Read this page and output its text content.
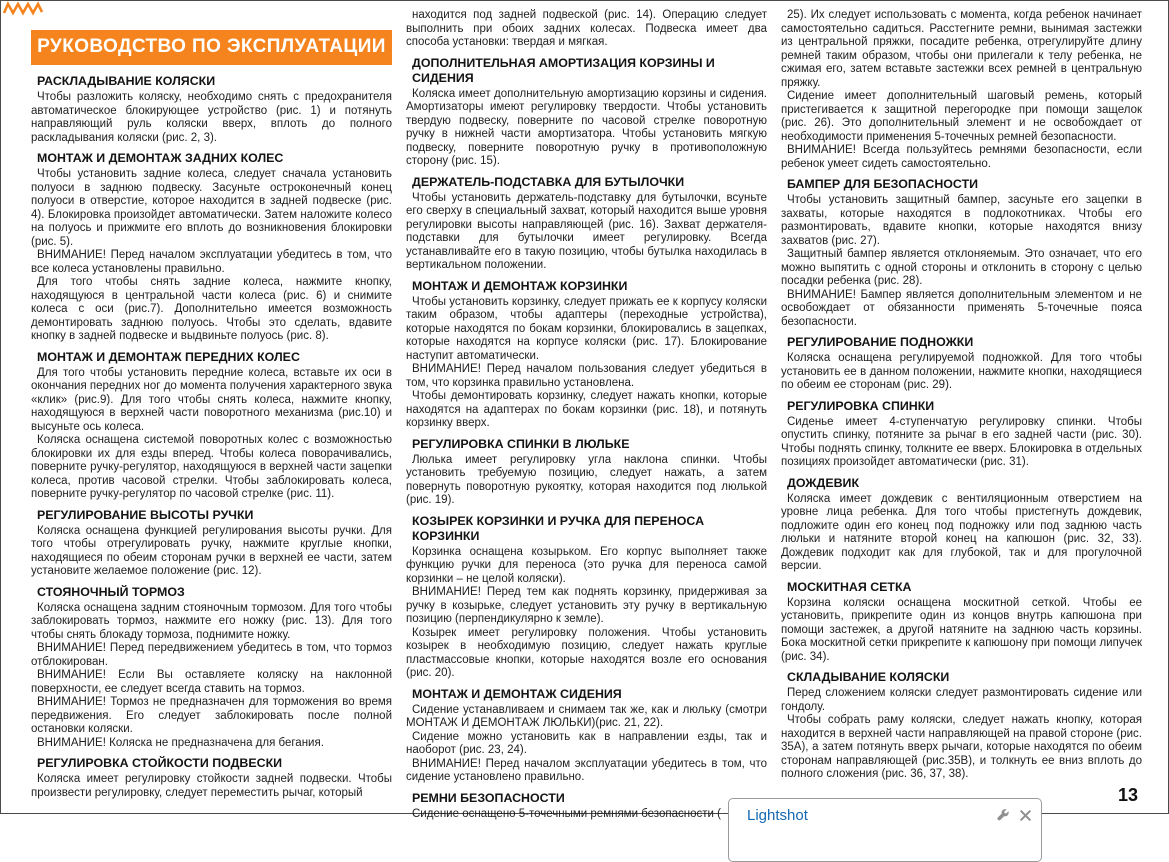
РУКОВОДСТВО ПО ЭКСПЛУАТАЦИИ
РАСКЛАДЫВАНИЕ КОЛЯСКИ

Чтобы разложить коляску, необходимо снять с предохранителя автоматическое блокирующее устройство (рис. 1) и потянуть направляющий руль коляски вверх, вплоть до полного раскладывания коляски (рис. 2, 3).

МОНТАЖ И ДЕМОНТАЖ ЗАДНИХ КОЛЕС

Чтобы установить задние колеса, следует сначала установить полуоси в заднюю подвеску. Засуньте остроконечный конец полуоси в отверстие, которое находится в задней подвеске (рис. 4). Блокировка произойдет автоматически. Затем наложите колесо на полуось и прижмите его вплоть до возникновения блокировки (рис. 5).

ВНИМАНИЕ! Перед началом эксплуатации убедитесь в том, что все колеса установлены правильно.

Для того чтобы снять задние колеса, нажмите кнопку, находящуюся в центральной части колеса (рис. 6) и снимите колеса с оси (рис.7). Дополнительно имеется возможность демонтировать заднюю полуось. Чтобы это сделать, вдавите кнопку в задней подвеске и выдвиньте полуось (рис. 8).

МОНТАЖ И ДЕМОНТАЖ ПЕРЕДНИХ КОЛЕС

Для того чтобы установить передние колеса, вставьте их оси в окончания передних ног до момента получения характерного звука «клик» (рис.9). Для того чтобы снять колеса, нажмите кнопку, находящуюся в верхней части поворотного механизма (рис.10) и высуньте ось колеса.

Коляска оснащена системой поворотных колес с возможностью блокировки их для езды вперед. Чтобы колеса поворачивались, поверните ручку-регулятор, находящуюся в верхней части зацепки колеса, против часовой стрелки. Чтобы заблокировать колеса, поверните ручку-регулятор по часовой стрелке (рис. 11).

РЕГУЛИРОВАНИЕ ВЫСОТЫ РУЧКИ

Коляска оснащена функцией регулирования высоты ручки. Для того чтобы отрегулировать ручку, нажмите круглые кнопки, находящиеся по обеим сторонам ручки в верхней ее части, затем установите желаемое положение (рис. 12).

СТОЯНОЧНЫЙ ТОРМОЗ

Коляска оснащена задним стояночным тормозом. Для того чтобы заблокировать тормоз, нажмите его ножку (рис. 13). Для того чтобы снять блокаду тормоза, поднимите ножку.

ВНИМАНИЕ! Перед передвижением убедитесь в том, что тормоз отблокирован.

ВНИМАНИЕ! Если Вы оставляете коляску на наклонной поверхности, ее следует всегда ставить на тормоз.

ВНИМАНИЕ! Тормоз не предназначен для торможения во время передвижения. Его следует заблокировать после полной остановки коляски.

ВНИМАНИЕ! Коляска не предназначена для бегания.

РЕГУЛИРОВКА СТОЙКОСТИ ПОДВЕСКИ

Коляска имеет регулировку стойкости задней подвески. Чтобы произвести регулировку, следует переместить рычаг, который

находится под задней подвеской (рис. 14). Операцию следует выполнить при обоих задних колесах. Подвеска имеет два способа установки: твердая и мягкая.

ДОПОЛНИТЕЛЬНАЯ АМОРТИЗАЦИЯ КОРЗИНЫ И СИДЕНИЯ

Коляска имеет дополнительную амортизацию корзины и сидения. Амортизаторы имеют регулировку твердости. Чтобы установить твердую подвеску, поверните по часовой стрелке поворотную ручку в нижней части амортизатора. Чтобы установить мягкую подвеску, поверните поворотную ручку в противоположную сторону (рис. 15).

ДЕРЖАТЕЛЬ-ПОДСТАВКА ДЛЯ БУТЫЛОЧКИ

Чтобы установить держатель-подставку для бутылочки, всуньте его сверху в специальный захват, который находится выше уровня регулировки высоты направляющей (рис. 16). Захват держателя-подставки для бутылочки имеет регулировку. Всегда устанавливайте его в такую позицию, чтобы бутылка находилась в вертикальном положении.

МОНТАЖ И ДЕМОНТАЖ КОРЗИНКИ

Чтобы установить корзинку, следует прижать ее к корпусу коляски таким образом, чтобы адаптеры (переходные устройства), которые находятся по бокам корзинки, блокировались в зацепках, которые находятся на корпусе коляски (рис. 17). Блокирование наступит автоматически.

ВНИМАНИЕ! Перед началом пользования следует убедиться в том, что корзинка правильно установлена.

Чтобы демонтировать корзинку, следует нажать кнопки, которые находятся на адаптерах по бокам корзинки (рис. 18), и потянуть корзинку вверх.

РЕГУЛИРОВКА СПИНКИ В ЛЮЛЬКЕ

Люлька имеет регулировку угла наклона спинки. Чтобы установить требуемую позицию, следует нажать, а затем повернуть поворотную рукоятку, которая находится под люлькой (рис. 19).

КОЗЫРЕК КОРЗИНКИ И РУЧКА ДЛЯ ПЕРЕНОСА КОРЗИНКИ

Корзинка оснащена козырьком. Его корпус выполняет также функцию ручки для переноса (это ручка для переноса самой корзинки – не целой коляски).

ВНИМАНИЕ! Перед тем как поднять корзинку, придерживая за ручку в козырьке, следует установить эту ручку в вертикальную позицию (перпендикулярно к земле).

Козырек имеет регулировку положения. Чтобы установить козырек в необходимую позицию, следует нажать круглые пластмассовые кнопки, которые находятся возле его основания (рис. 20).

МОНТАЖ И ДЕМОНТАЖ СИДЕНИЯ

Сидение устанавливаем и снимаем так же, как и люльку (смотри МОНТАЖ И ДЕМОНТАЖ ЛЮЛЬКИ)(рис. 21, 22).

Сидение можно установить как в направлении езды, так и наоборот (рис. 23, 24).

ВНИМАНИЕ! Перед началом эксплуатации убедитесь в том, что сидение установлено правильно.

РЕМНИ БЕЗОПАСНОСТИ

Сидение оснащено 5-точечными ремнями безопасности (

25). Их следует использовать с момента, когда ребенок начинает самостоятельно садиться. Расстегните ремни, вынимая застежки из центральной пряжки, посадите ребенка, отрегулируйте длину ремней таким образом, чтобы они прилегали к телу ребенка, не сжимая его, затем вставьте застежки всех ремней в центральную пряжку.

Сидение имеет дополнительный шаговый ремень, который пристегивается к защитной перегородке при помощи защелок (рис. 26). Это дополнительный элемент и не освобождает от необходимости применения 5-точечных ремней безопасности.

ВНИМАНИЕ! Всегда пользуйтесь ремнями безопасности, если ребенок умеет сидеть самостоятельно.

БАМПЕР ДЛЯ БЕЗОПАСНОСТИ

Чтобы установить защитный бампер, засуньте его зацепки в захваты, которые находятся в подлокотниках. Чтобы его размонтировать, вдавите кнопки, которые находятся внизу захватов (рис. 27).

Защитный бампер является отклоняемым. Это означает, что его можно выпятить с одной стороны и отклонить в сторону с целью посадки ребенка (рис. 28).

ВНИМАНИЕ! Бампер является дополнительным элементом и не освобождает от обязанности применять 5-точечные пояса безопасности.

РЕГУЛИРОВАНИЕ ПОДНОЖКИ

Коляска оснащена регулируемой подножкой. Для того чтобы установить ее в данном положении, нажмите кнопки, находящиеся по обеим ее сторонам (рис. 29).

РЕГУЛИРОВКА СПИНКИ

Сиденье имеет 4-ступенчатую регулировку спинки. Чтобы опустить спинку, потяните за рычаг в его задней части (рис. 30). Чтобы поднять спинку, толкните ее вверх. Блокировка в отдельных позициях произойдет автоматически (рис. 31).

ДОЖДЕВИК

Коляска имеет дождевик с вентиляционным отверстием на уровне лица ребенка. Для того чтобы пристегнуть дождевик, подложите один его конец под подножку или под заднюю часть люльки и натяните второй конец на капюшон (рис. 32, 33). Дождевик подходит как для глубокой, так и для прогулочной версии.

МОСКИТНАЯ СЕТКА

Корзина коляски оснащена москитной сеткой. Чтобы ее установить, прикрепите один из концов внутрь капюшона при помощи застежек, а другой натяните на заднюю часть корзины. Бока москитной сетки прикрепите к капюшону при помощи липучек (рис. 34).

СКЛАДЫВАНИЕ КОЛЯСКИ

Перед сложением коляски следует размонтировать сидение или гондолу.

Чтобы собрать раму коляски, следует нажать кнопку, которая находится в верхней части направляющей на правой стороне (рис. 35А), а затем потянуть вверх рычаги, которые находятся по обеим сторонам направляющей (рис.35В), и толкнуть ее вниз вплоть до полного сложения (рис. 36, 37, 38).

13
Lightshot
